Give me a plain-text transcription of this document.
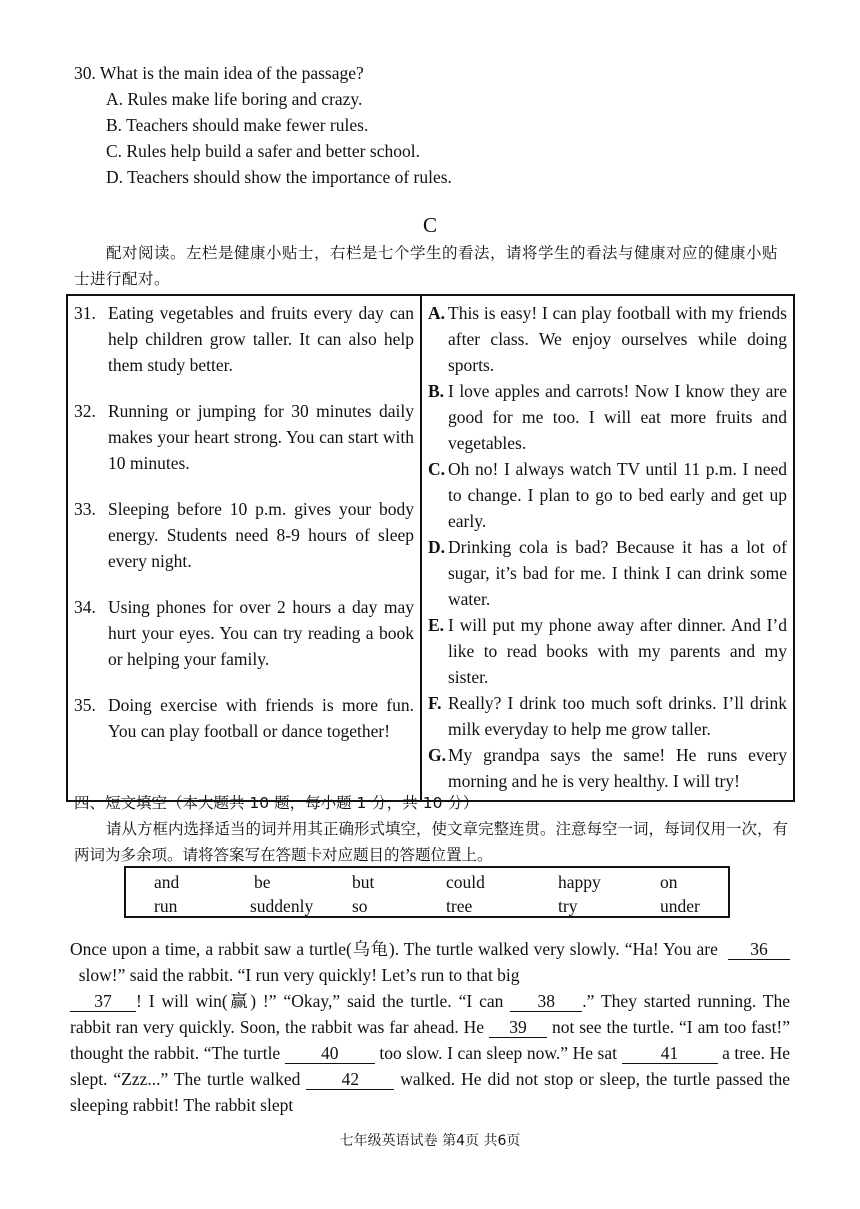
30. What is the main idea of the passage?

A. Rules make life boring and crazy.

B. Teachers should make fewer rules.

C. Rules help build a safer and better school.

D. Teachers should show the importance of rules.

C

配对阅读。左栏是健康小贴士，右栏是七个学生的看法，请将学生的看法与健康对应的健康小贴士进行配对。

31. Eating vegetables and fruits every day can help children grow taller. It can also help them study better.
32. Running or jumping for 30 minutes daily makes your heart strong. You can start with 10 minutes.
33. Sleeping before 10 p.m. gives your body energy. Students need 8-9 hours of sleep every night.
34. Using phones for over 2 hours a day may hurt your eyes. You can try reading a book or helping your family.
35. Doing exercise with friends is more fun. You can play football or dance together!

A. This is easy! I can play football with my friends after class. We enjoy ourselves while doing sports.
B. I love apples and carrots! Now I know they are good for me too. I will eat more fruits and vegetables.
C. Oh no! I always watch TV until 11 p.m. I need to change. I plan to go to bed early and get up early.
D. Drinking cola is bad? Because it has a lot of sugar, it’s bad for me. I think I can drink some water.
E. I will put my phone away after dinner. And I’d like to read books with my parents and my sister.
F. Really? I drink too much soft drinks. I’ll drink milk everyday to help me grow taller.
G. My grandpa says the same! He runs every morning and he is very healthy. I will try!

四、短文填空（本大题共 10 题，每小题 1 分，共 10 分）

请从方框内选择适当的词并用其正确形式填空，使文章完整连贯。注意每空一词，每词仅用一次，有两词为多余项。请将答案写在答题卡对应题目的答题位置上。

and	be	but	could	happy	on
run	suddenly so	tree	try	under

Once upon a time, a rabbit saw a turtle(乌龟). The turtle walked very slowly. “Ha! You are 36  slow!” said the rabbit. “I run very quickly! Let’s run to that big
37 ! I will win(赢) !” “Okay,” said the turtle. “I can 38 .” They started running. The rabbit ran very quickly. Soon, the rabbit was far ahead. He 39 not see the turtle. “I am too fast!” thought the rabbit. “The turtle 40 too slow. I can sleep now.” He sat	41	a tree. He slept. “Zzz...” The turtle walked 42 walked. He did not stop or sleep, the turtle passed the sleeping rabbit! The rabbit slept

七年级英语试卷 第4页 共6页
